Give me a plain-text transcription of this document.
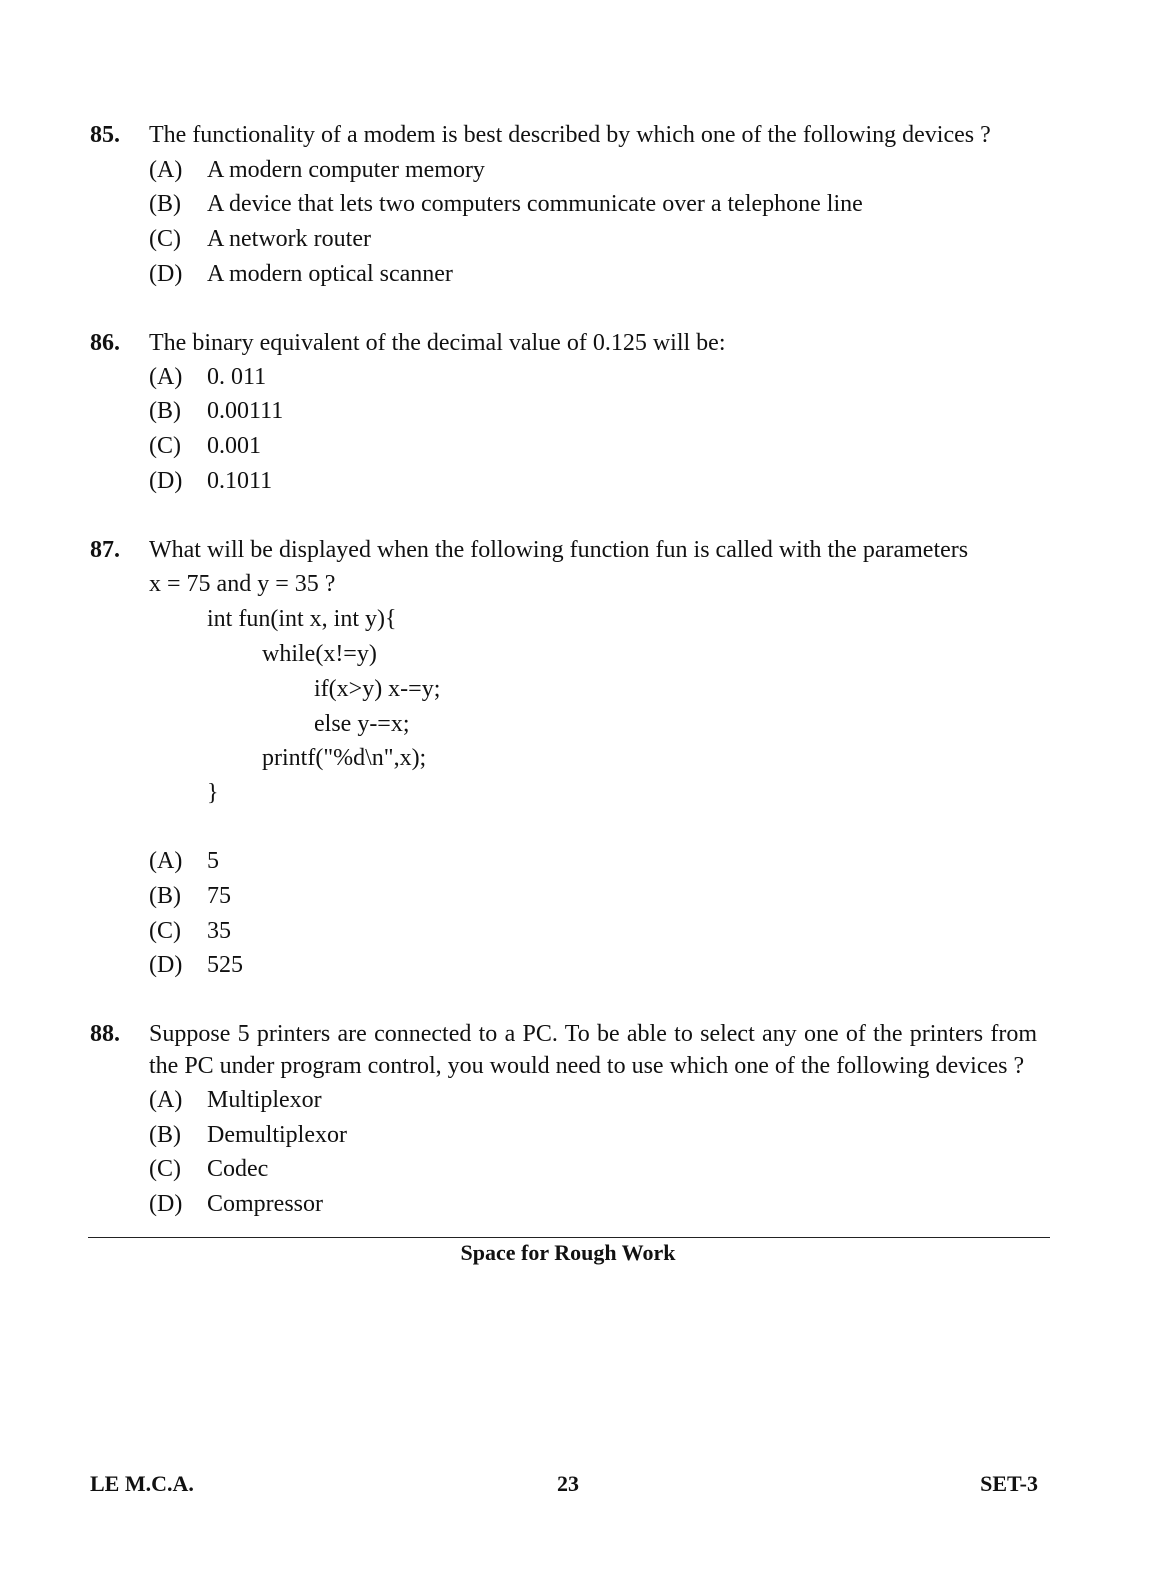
85. The functionality of a modem is best described by which one of the following devices ?
(A) A modern computer memory
(B) A device that lets two computers communicate over a telephone line
(C) A network router
(D) A modern optical scanner
86. The binary equivalent of the decimal value of 0.125 will be:
(A) 0. 011
(B) 0.00111
(C) 0.001
(D) 0.1011
87. What will be displayed when the following function fun is called with the parameters
x = 75 and y = 35 ?
int fun(int x, int y){
while(x!=y)
if(x>y) x-=y;
else y-=x;
printf("%d\n",x);
}
(A) 5
(B) 75
(C) 35
(D) 525
88. Suppose 5 printers are connected to a PC. To be able to select any one of the printers from
the PC under program control, you would need to use which one of the following devices ?
(A) Multiplexor
(B) Demultiplexor
(C) Codec
(D) Compressor
Space for Rough Work
LE M.C.A.	23	SET-3
